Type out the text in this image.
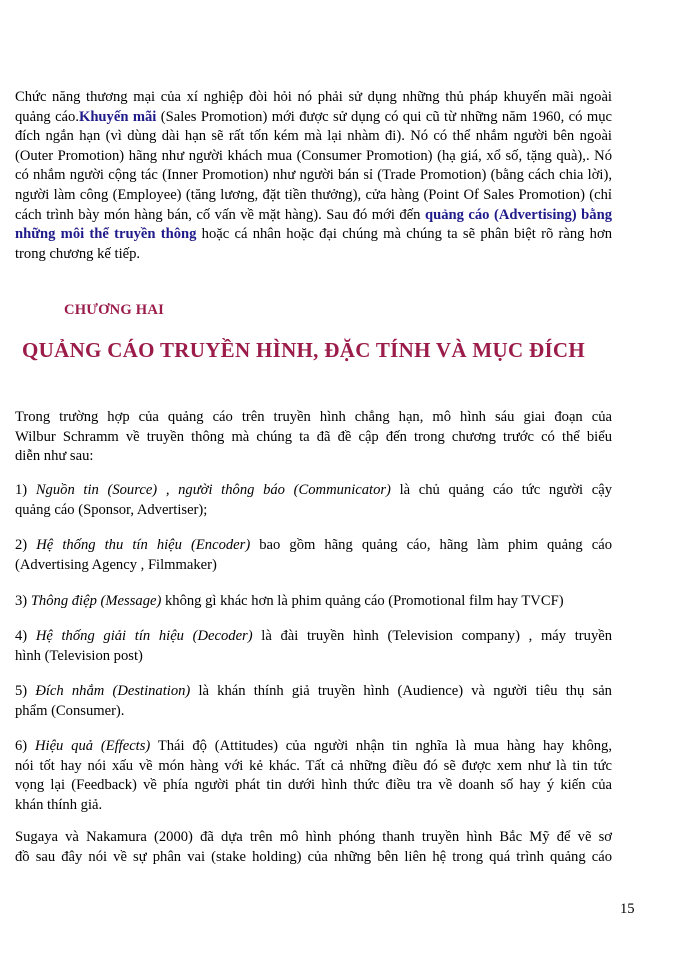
Chức năng thương mại của xí nghiệp đòi hỏi nó phải sử dụng những thủ pháp khuyến mãi ngoài
quảng cáo.Khuyến mãi (Sales Promotion) mới được sử dụng có qui cũ từ những năm 1960, có mục
đích ngắn hạn (vì dùng dài hạn sẽ rất tốn kém mà lại nhàm đi). Nó có thể nhắm người bên ngoài
(Outer Promotion) hãng như người khách mua (Consumer Promotion) (hạ giá, xổ số, tặng quà),. Nó
có nhắm người cộng tác (Inner Promotion) như người bán sỉ (Trade Promotion) (bằng cách chia lời),
người làm công (Employee) (tăng lương, đặt tiền thưởng), cửa hàng (Point Of Sales Promotion) (chỉ
cách trình bày món hàng bán, cố vấn về mặt hàng). Sau đó mới đến quảng cáo (Advertising) bằng
những môi thể truyền thông hoặc cá nhân hoặc đại chúng mà chúng ta sẽ phân biệt rõ ràng hơn
trong chương kế tiếp.

CHƯƠNG HAI

QUẢNG CÁO TRUYỀN HÌNH, ĐẶC TÍNH VÀ MỤC ĐÍCH
Trong trường hợp của quảng cáo trên truyền hình chẳng hạn, mô hình sáu giai đoạn của
Wilbur Schramm về truyền thông mà chúng ta đã đề cập đến trong chương trước có thể biểu
diễn như sau:
1) Nguồn tin (Source) , người thông báo (Communicator) là chủ quảng cáo tức người cậy
quảng cáo (Sponsor, Advertiser);
2) Hệ thống thu tín hiệu (Encoder) bao gồm hãng quảng cáo, hãng làm phim quảng cáo
(Advertising Agency , Filmmaker)
3) Thông điệp (Message) không gì khác hơn là phim quảng cáo (Promotional film hay TVCF)
4) Hệ thống giải tín hiệu (Decoder) là đài truyền hình (Television company) , máy truyền
hình (Television post)
5) Đích nhắm (Destination) là khán thính giả truyền hình (Audience) và người tiêu thụ sản
phẩm (Consumer).
6) Hiệu quả (Effects) Thái độ (Attitudes) của người nhận tin nghĩa là mua hàng hay không,
nói tốt hay nói xấu về món hàng với kẻ khác. Tất cả những điều đó sẽ được xem như là tin tức
vọng lại (Feedback) về phía người phát tin dưới hình thức điều tra về doanh số hay ý kiến của
khán thính giả.
Sugaya và Nakamura (2000) đã dựa trên mô hình phóng thanh truyền hình Bắc Mỹ để vẽ sơ
đồ sau đây nói về sự phân vai (stake holding) của những bên liên hệ trong quá trình quảng cáo

15
